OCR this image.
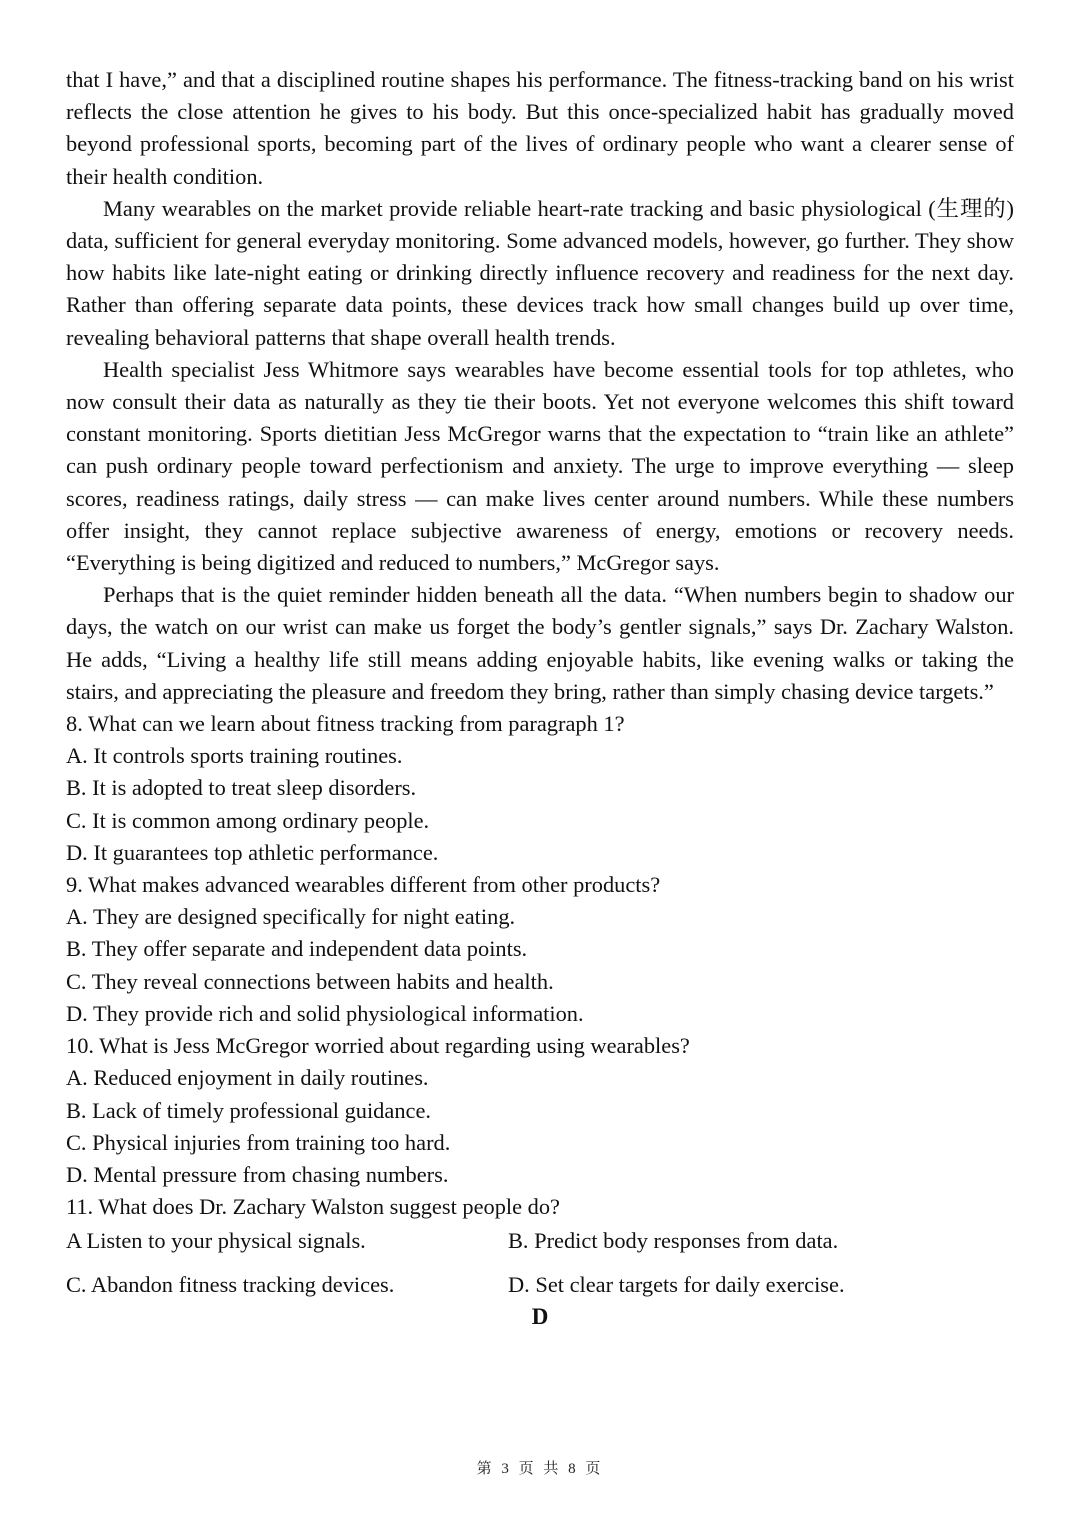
that I have,” and that a disciplined routine shapes his performance. The fitness-tracking band on his wrist reflects the close attention he gives to his body. But this once-specialized habit has gradually moved beyond professional sports, becoming part of the lives of ordinary people who want a clearer sense of their health condition.

Many wearables on the market provide reliable heart-rate tracking and basic physiological (生理的) data, sufficient for general everyday monitoring. Some advanced models, however, go further. They show how habits like late-night eating or drinking directly influence recovery and readiness for the next day. Rather than offering separate data points, these devices track how small changes build up over time, revealing behavioral patterns that shape overall health trends.

Health specialist Jess Whitmore says wearables have become essential tools for top athletes, who now consult their data as naturally as they tie their boots. Yet not everyone welcomes this shift toward constant monitoring. Sports dietitian Jess McGregor warns that the expectation to “train like an athlete” can push ordinary people toward perfectionism and anxiety. The urge to improve everything — sleep scores, readiness ratings, daily stress — can make lives center around numbers. While these numbers offer insight, they cannot replace subjective awareness of energy, emotions or recovery needs. “Everything is being digitized and reduced to numbers,” McGregor says.

Perhaps that is the quiet reminder hidden beneath all the data. “When numbers begin to shadow our days, the watch on our wrist can make us forget the body’s gentler signals,” says Dr. Zachary Walston. He adds, “Living a healthy life still means adding enjoyable habits, like evening walks or taking the stairs, and appreciating the pleasure and freedom they bring, rather than simply chasing device targets.”

8. What can we learn about fitness tracking from paragraph 1?

A. It controls sports training routines.

B. It is adopted to treat sleep disorders.

C. It is common among ordinary people.

D. It guarantees top athletic performance.

9. What makes advanced wearables different from other products?

A. They are designed specifically for night eating.

B. They offer separate and independent data points.

C. They reveal connections between habits and health.

D. They provide rich and solid physiological information.

10. What is Jess McGregor worried about regarding using wearables?

A. Reduced enjoyment in daily routines.

B. Lack of timely professional guidance.

C. Physical injuries from training too hard.

D. Mental pressure from chasing numbers.

11. What does Dr. Zachary Walston suggest people do?

A Listen to your physical signals.	B. Predict body responses from data.
C. Abandon fitness tracking devices.	D. Set clear targets for daily exercise.
D
第 3 页 共 8 页
